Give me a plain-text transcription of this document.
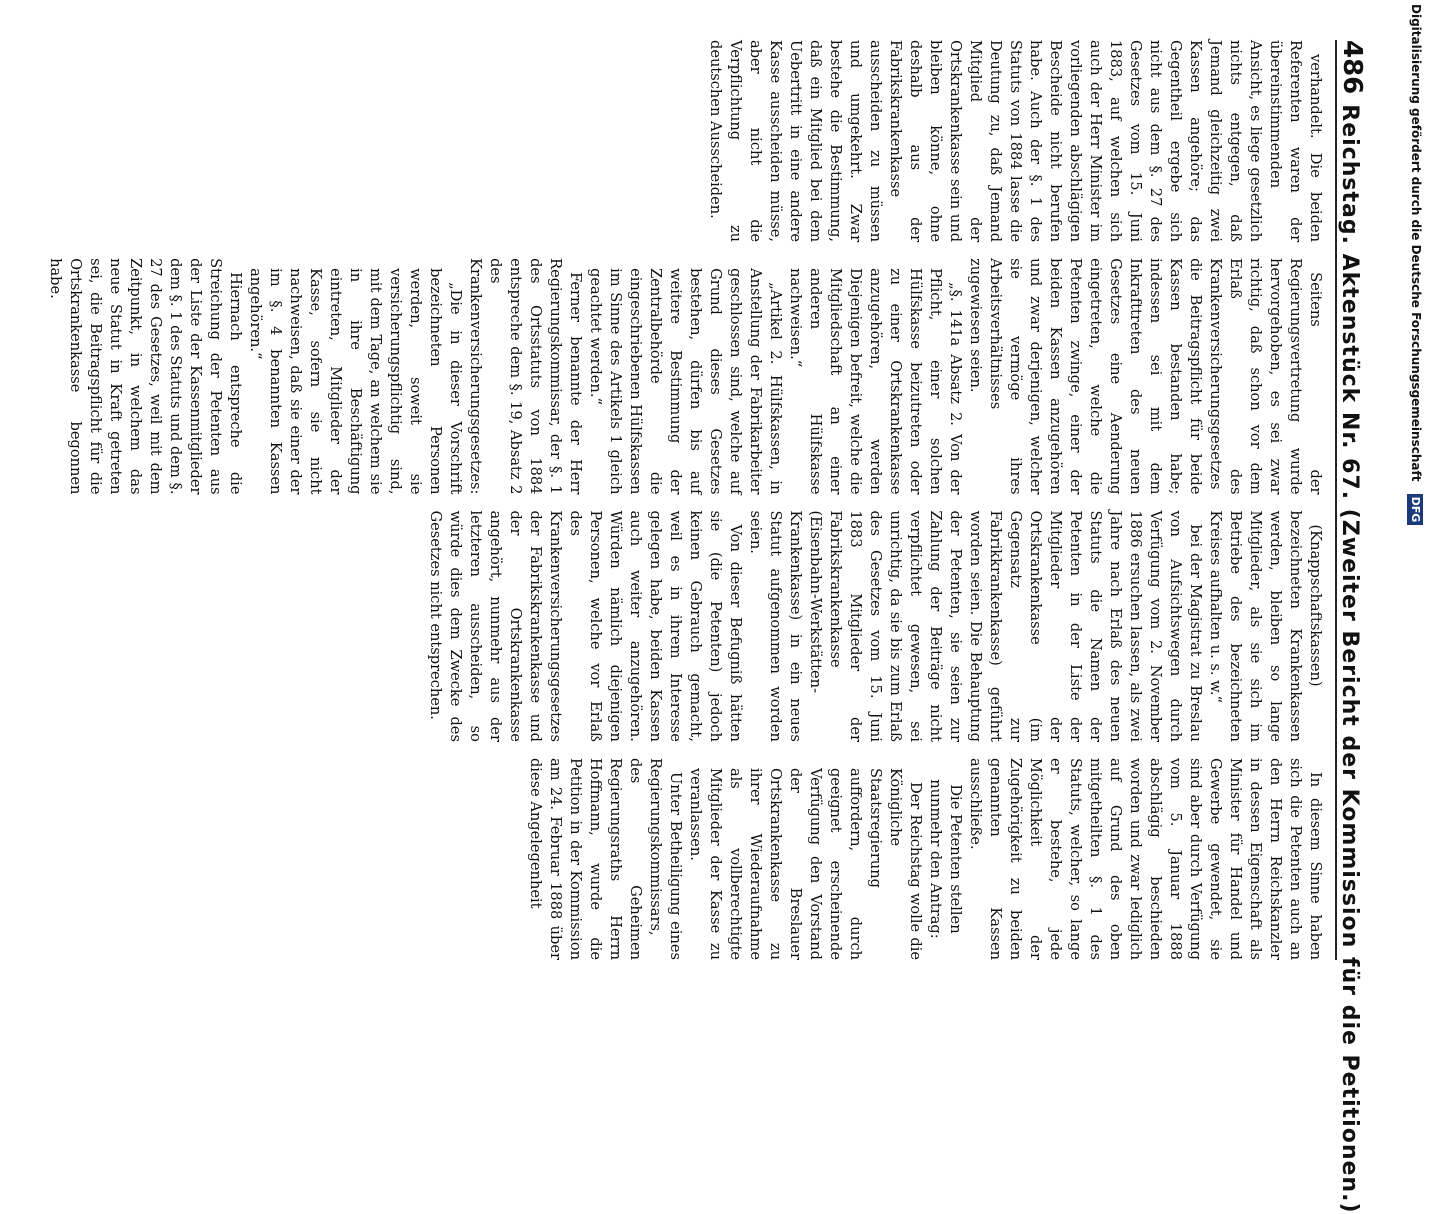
486
Reichstag. Aktenstück Nr. 67. (Zweiter Bericht der Kommission für die Petitionen.)

verhandelt. Die beiden Referenten waren der übereinstimmenden Ansicht, es liege gesetzlich nichts entgegen, daß Jemand gleichzeitig zwei Kassen angehöre; das Gegentheil ergebe sich nicht aus dem §. 27 des Gesetzes vom 15. Juni 1883, auf welchen sich auch der Herr Minister im vorliegenden abschlägigen Bescheide nicht berufen habe. Auch der §. 1 des Statuts von 1884 lasse die Deutung zu, daß Jemand Mitglied der Ortskrankenkasse sein und bleiben könne, ohne deshalb aus der Fabrikskrankenkasse ausscheiden zu müssen und umgekehrt. Zwar bestehe die Bestimmung, daß ein Mitglied bei dem Uebertritt in eine andere Kasse ausscheiden müsse, aber nicht die Verpflichtung zu deutschen Ausscheiden.

Seitens der Regierungsvertretung wurde hervorgehoben, es sei zwar richtig, daß schon vor dem Erlaß des Krankenversicherungsgesetzes die Beitragspflicht für beide Kassen bestanden habe; indessen sei mit dem Inkrafttreten des neuen Gesetzes eine Aenderung eingetreten, welche die Petenten zwinge, einer der beiden Kassen anzugehören und zwar derjenigen, welcher sie vermöge ihres Arbeitsverhältnisses zugewiesen seien.

„§. 141a Absatz 2. Von der Pflicht, einer solchen Hülfskasse beizutreten oder zu einer Ortskrankenkasse anzugehören, werden Diejenigen befreit, welche die Mitgliedschaft an einer anderen Hülfskasse nachweisen.“

„Artikel 2. Hülfskassen, in Anstellung der Fabrikarbeiter geschlossen sind, welche auf Grund dieses Gesetzes bestehen, dürfen bis auf weitere Bestimmung der Zentralbehörde die eingeschriebenen Hülfskassen im Sinne des Artikels 1 gleich geachtet werden.“

Ferner benannte der Herr Regierungskommissar, der §. 1 des Ortsstatuts von 1884 entspreche dem §. 19, Absatz 2 des Krankenversicherungsgesetzes:

„Die in dieser Vorschrift bezeichneten Personen werden, soweit sie versicherungspflichtig sind, mit dem Tage, an welchem sie in ihre Beschäftigung eintreten, Mitglieder der Kasse, sofern sie nicht nachweisen, daß sie einer der im §. 4 benannten Kassen angehören.“

Hiernach entspreche die Streichung der Petenten aus der Liste der Kassenmitglieder dem §. 1 des Statuts und dem §. 27 des Gesetzes, weil mit dem Zeitpunkt, in welchem das neue Statut in Kraft getreten sei, die Beitragspflicht für die Ortskrankenkasse begonnen habe.

(Knappschaftskassen) bezeichneten Krankenkassen werden, bleiben so lange Mitglieder, als sie sich im Betriebe des bezeichneten Kreises aufhalten u. s. w.“

bei der Magistrat zu Breslau von Aufsichtswegen durch Verfügung vom 2. November 1886 ersuchen lassen, als zwei Jahre nach Erlaß des neuen Statuts die Namen der Petenten in der Liste der Mitglieder der Ortskrankenkasse (im Gegensatz zur Fabrikkrankenkasse) geführt worden seien. Die Behauptung der Petenten, sie seien zur Zahlung der Beiträge nicht verpflichtet gewesen, sei unrichtig, da sie bis zum Erlaß des Gesetzes vom 15. Juni 1883 Mitglieder der Fabrikskrankenkasse (Eisenbahn-Werkstätten-Krankenkasse) in ein neues Statut aufgenommen worden seien.

Von dieser Befugniß hätten sie (die Petenten) jedoch keinen Gebrauch gemacht, weil es in ihrem Interesse gelegen habe, beiden Kassen auch weiter anzugehören. Würden nämlich diejenigen Personen, welche vor Erlaß des Krankenversicherungsgesetzes der Fabrikskrankenkasse und der Ortskrankenkasse angehört, nunmehr aus der letzteren ausscheiden, so würde dies dem Zwecke des Gesetzes nicht entsprechen.

In diesem Sinne haben sich die Petenten auch an den Herrn Reichskanzler in dessen Eigenschaft als Minister für Handel und Gewerbe gewendet, sie sind aber durch Verfügung vom 5. Januar 1888 abschlägig beschieden worden und zwar lediglich auf Grund des oben mitgetheilten §. 1 des Statuts, welcher, so lange er bestehe, jede Möglichkeit der Zugehörigkeit zu beiden genannten Kassen ausschließe.

Die Petenten stellen nunmehr den Antrag:

Der Reichstag wolle die Königliche Staatsregierung auffordern, durch geeignet erscheinende Verfügung den Vorstand der Breslauer Ortskrankenkasse zu ihrer Wiederaufnahme als vollberechtigte Mitglieder der Kasse zu veranlassen.

Unter Betheiligung eines Regierungskommissars, des Geheimen Regierungsraths Herrn Hoffmann, wurde die Petition in der Kommission am 24. Februar 1888 über diese Angelegenheit

Digitalisierung gefördert durch die Deutsche Forschungsgemeinschaft DFG
